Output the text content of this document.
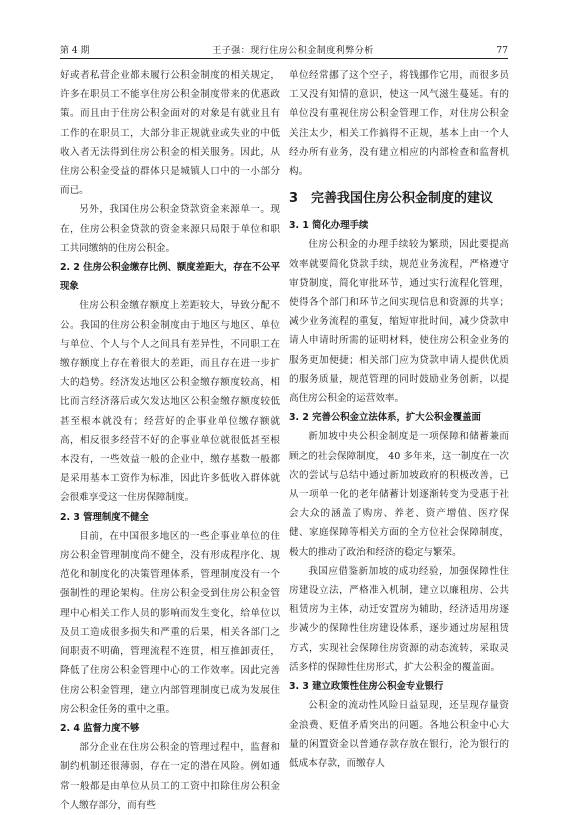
第 4 期	王子强：现行住房公积金制度利弊分析	77

好或者私营企业都未履行公积金制度的相关规定，许多在职员工不能享住房公积金制度带来的优惠政策。而且由于住房公积金面对的对象是有就业且有工作的在职员工，大部分非正规就业或失业的中低收入者无法得到住房公积金的相关服务。因此，从住房公积金受益的群体只是城镇人口中的一小部分而已。

另外，我国住房公积金贷款资金来源单一。现在，住房公积金贷款的资金来源只局限于单位和职工共同缴纳的住房公积金。

2. 2 住房公积金缴存比例、额度差距大，存在不公平现象

住房公积金缴存额度上差距较大，导致分配不公。我国的住房公积金制度由于地区与地区、单位与单位、个人与个人之间具有差异性，不同职工在缴存额度上存在着很大的差距，而且存在进一步扩大的趋势。经济发达地区公积金缴存额度较高，相比而言经济落后或欠发达地区公积金缴存额度较低甚至根本就没有；经营好的企事业单位缴存额就高，相反很多经营不好的企事业单位就很低甚至根本没有，一些效益一般的企业中，缴存基数一般都是采用基本工资作为标准，因此许多低收入群体就会很难享受这一住房保障制度。

2. 3 管理制度不健全

目前，在中国很多地区的一些企事业单位的住房公积金管理制度尚不健全，没有形成程序化、规范化和制度化的决策管理体系，管理制度没有一个强制性的理论架构。住房公积金受到住房公积金管理中心相关工作人员的影响而发生变化，给单位以及员工造成很多损失和严重的后果，相关各部门之间职责不明确，管理流程不连贯，相互推卸责任，降低了住房公积金管理中心的工作效率。因此完善住房公积金管理，建立内部管理制度已成为发展住房公积金任务的重中之重。

2. 4 监督力度不够

部分企业在住房公积金的管理过程中，监督和制约机制还很薄弱，存在一定的潜在风险。例如通常一般都是由单位从员工的工资中扣除住房公积金个人缴存部分，而有些

单位经常挪了这个空子，将钱挪作它用，而很多员工又没有知情的意识，使这一风气滋生蔓延。有的单位没有重视住房公积金管理工作，对住房公积金关注太少，相关工作搞得不正规，基本上由一个人经办所有业务，没有建立相应的内部检查和监督机构。

3 完善我国住房公积金制度的建议
3. 1 简化办理手续

住房公积金的办理手续较为繁琐，因此要提高效率就要简化贷款手续，规范业务流程，严格遵守审贷制度，简化审批环节，通过实行流程化管理，使得各个部门和环节之间实现信息和资源的共享；减少业务流程的重复，缩短审批时间，减少贷款申请人申请时所需的证明材料，使住房公积金业务的服务更加便捷；相关部门应为贷款申请人提供优质的服务质量，规范管理的同时鼓励业务创新，以提高住房公积金的运营效率。

3. 2 完善公积金立法体系，扩大公积金覆盖面

新加坡中央公积金制度是一项保障和储蓄兼而顾之的社会保障制度， 40 多年来，这一制度在一次次的尝试与总结中通过新加坡政府的积极改善，已从一项单一化的老年储蓄计划逐渐转变为受惠于社会大众的涵盖了购房、养老、资产增值、医疗保健、家庭保障等相关方面的全方位社会保障制度，极大的推动了政治和经济的稳定与繁荣。

我国应借鉴新加坡的成功经验，加强保障性住房建设立法，严格准入机制，建立以廉租房、公共租赁房为主体，动迁安置房为辅助，经济适用房逐步减少的保障性住房建设体系，逐步通过房屋租赁方式，实现社会保障住房资源的动态流转，采取灵活多样的保障性住房形式，扩大公积金的覆盖面。

3. 3 建立政策性住房公积金专业银行

公积金的流动性风险日益显现，还呈现存量资金浪费、贬值矛盾突出的问题。各地公积金中心大量的闲置资金以普通存款存放在银行，沦为银行的低成本存款，而缴存人
